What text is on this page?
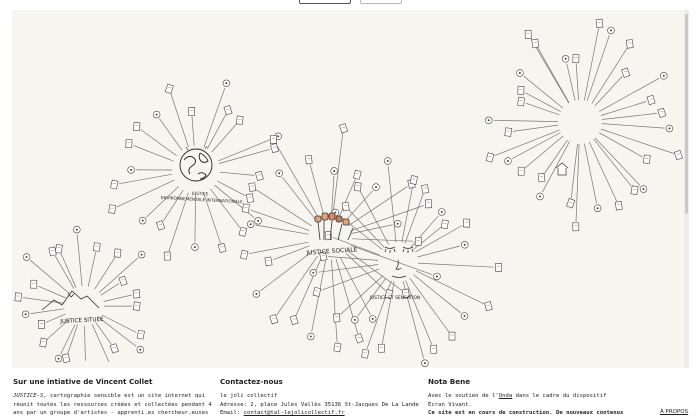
JUSTICEENVIRONNEMENTALE INTERNATIONALE
JUSTICE SOCIALE
JUSTICE ET SENSATION
JUSTICE SITUÉE
Sur une intiative de Vincent Collet

JUSTICE-S, cartographie sensible est un site internet qui réunit toutes les ressources créées et collectées pendant 4 ans par un groupe d'artistes - apprenti.es chercheur.euses

Contactez-nous

le joli collectif

Adresse: 2, place Jules Vallès 35136 St-Jacques De La Lande

Email: contact@tal-lejolicollectif.fr

Nota Bene

Avec le soutien de l'Onda dans le cadre du dispositif

Écran Vivant.

Ce site est en cours de construction. De nouveaux contenus	À PROPOS
